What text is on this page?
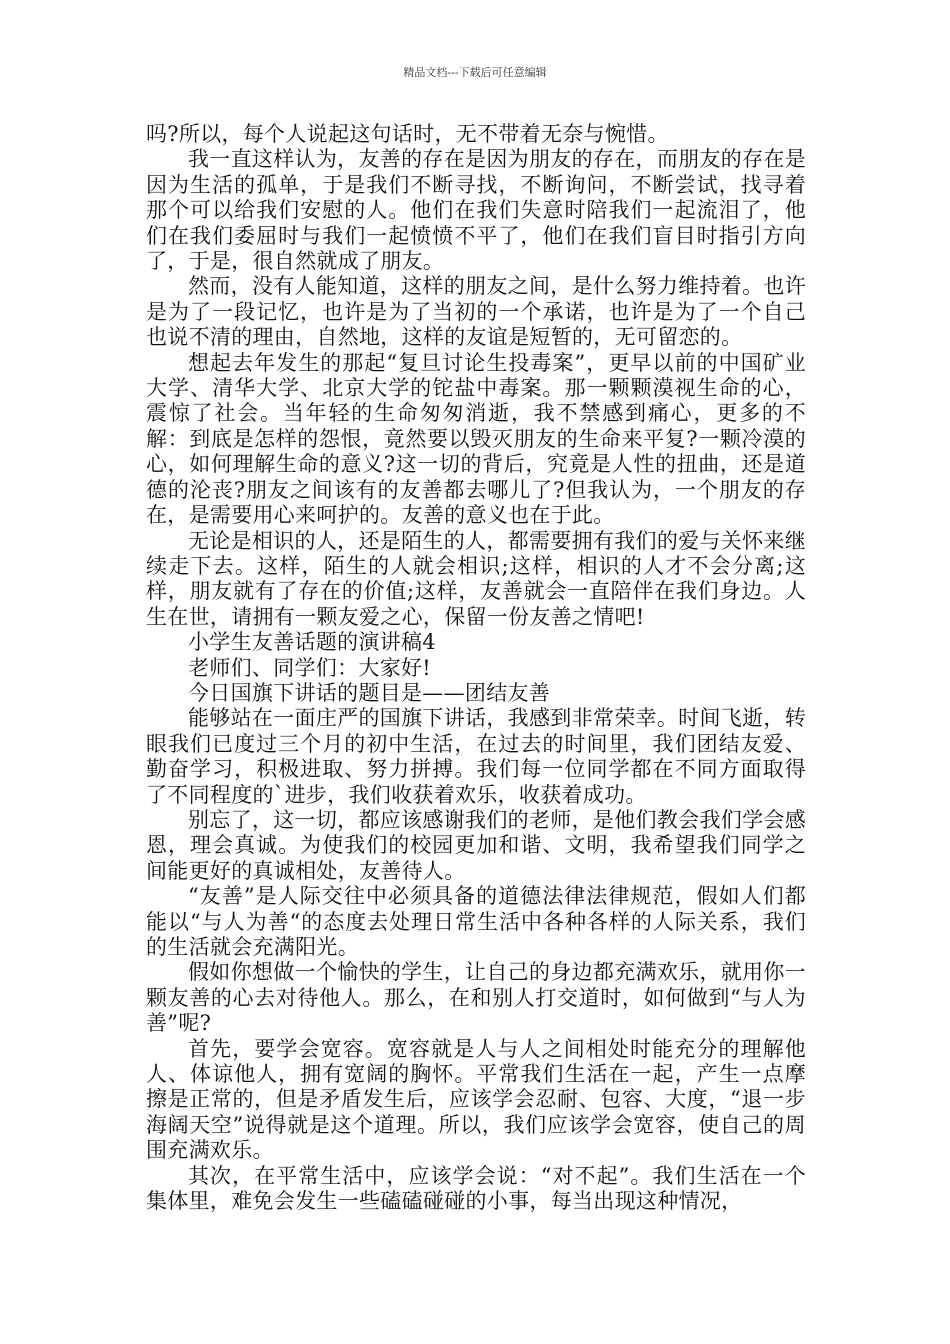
精品文档---下载后可任意编辑

吗?所以，每个人说起这句话时，无不带着无奈与惋惜。

我一直这样认为，友善的存在是因为朋友的存在，而朋友的存在是因为生活的孤单，于是我们不断寻找，不断询问，不断尝试，找寻着那个可以给我们安慰的人。他们在我们失意时陪我们一起流泪了，他们在我们委屈时与我们一起愤愤不平了，他们在我们盲目时指引方向了，于是，很自然就成了朋友。

然而，没有人能知道，这样的朋友之间，是什么努力维持着。也许是为了一段记忆，也许是为了当初的一个承诺，也许是为了一个自己也说不清的理由，自然地，这样的友谊是短暂的，无可留恋的。

想起去年发生的那起“复旦讨论生投毒案”，更早以前的中国矿业大学、清华大学、北京大学的铊盐中毒案。那一颗颗漠视生命的心，震惊了社会。当年轻的生命匆匆消逝，我不禁感到痛心，更多的不解：到底是怎样的怨恨，竟然要以毁灭朋友的生命来平复?一颗冷漠的心，如何理解生命的意义?这一切的背后，究竟是人性的扭曲，还是道德的沦丧?朋友之间该有的友善都去哪儿了?但我认为，一个朋友的存在，是需要用心来呵护的。友善的意义也在于此。

无论是相识的人，还是陌生的人，都需要拥有我们的爱与关怀来继续走下去。这样，陌生的人就会相识;这样，相识的人才不会分离;这样，朋友就有了存在的价值;这样，友善就会一直陪伴在我们身边。人生在世，请拥有一颗友爱之心，保留一份友善之情吧!

小学生友善话题的演讲稿4

老师们、同学们：大家好!

今日国旗下讲话的题目是——团结友善

能够站在一面庄严的国旗下讲话，我感到非常荣幸。时间飞逝，转眼我们已度过三个月的初中生活，在过去的时间里，我们团结友爱、勤奋学习，积极进取、努力拼搏。我们每一位同学都在不同方面取得了不同程度的`进步，我们收获着欢乐，收获着成功。

别忘了，这一切，都应该感谢我们的老师，是他们教会我们学会感恩，理会真诚。为使我们的校园更加和谐、文明，我希望我们同学之间能更好的真诚相处，友善待人。

“友善”是人际交往中必须具备的道德法律法律规范，假如人们都能以“与人为善“的态度去处理日常生活中各种各样的人际关系，我们的生活就会充满阳光。

假如你想做一个愉快的学生，让自己的身边都充满欢乐，就用你一颗友善的心去对待他人。那么，在和别人打交道时，如何做到“与人为善”呢?

首先，要学会宽容。宽容就是人与人之间相处时能充分的理解他人、体谅他人，拥有宽阔的胸怀。平常我们生活在一起，产生一点摩擦是正常的，但是矛盾发生后，应该学会忍耐、包容、大度，“退一步海阔天空”说得就是这个道理。所以，我们应该学会宽容，使自己的周围充满欢乐。

其次，在平常生活中，应该学会说：“对不起”。我们生活在一个集体里，难免会发生一些磕磕碰碰的小事，每当出现这种情况，
